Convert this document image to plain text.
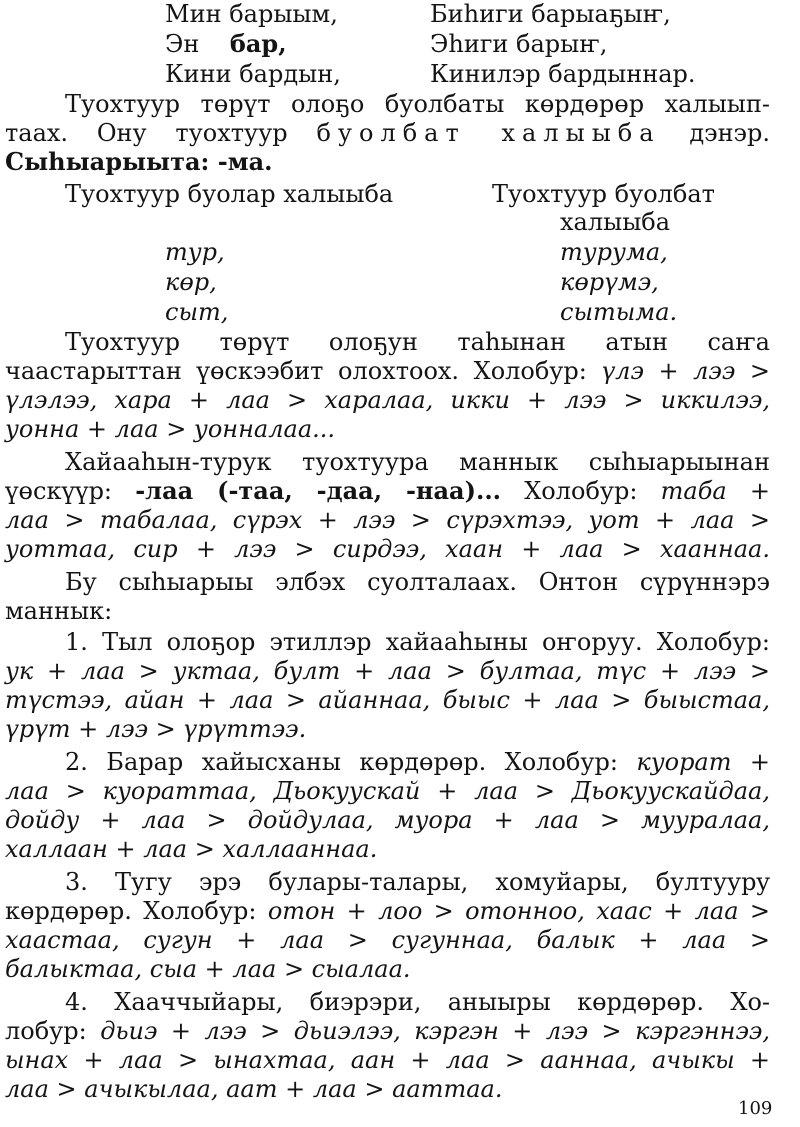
Мин барыым,	Биһиги барыаҕыҥ,
Эн бар,	Эһиги барыҥ,
Кини бардын,	Кинилэр бардыннар.
Туохтуур төрүт олоҕо буолбаты көрдөрөр халыып-
таах. Ону туохтуур буолбат халыыба дэнэр.
Сыһыарыыта: -ма.
Туохтуур буолар халыыба	Туохтуур буолбат
халыыба
тур,	турума,
көр,	көрүмэ,
сыт,	сытыма.
Туохтуур төрүт олоҕун таһынан атын саҥа
чаастарыттан үөскээбит олохтоох. Холобур: үлэ + лээ >
үлэлээ, хара + лаа > харалаа, икки + лээ > иккилээ,
уонна + лаа > уонналаа...
Хайааһын-турук туохтуура маннык сыһыарыынан
үөскүүр: -лаа (-таа, -даа, -наа)... Холобур: таба +
лаа > табалаа, сүрэх + лээ > сүрэхтээ, уот + лаа >
уоттаа, сир + лээ > сирдээ, хаан + лаа > хааннаа.
Бу сыһыарыы элбэх суолталаах. Онтон сүрүннэрэ
маннык:
1. Тыл олоҕор этиллэр хайааһыны оҥоруу. Холобур:
ук + лаа > уктаа, булт + лаа > бултаа, түс + лээ >
түстээ, айан + лаа > айаннаа, быыс + лаа > быыстаа,
үрүт + лээ > үрүттээ.
2. Барар хайысханы көрдөрөр. Холобур: куорат +
лаа > куораттаа, Дьокуускай + лаа > Дьокуускайдаа,
дойду + лаа > дойдулаа, муора + лаа > мууралаа,
халлаан + лаа > халлааннаа.
3. Тугу эрэ булары-талары, хомуйары, бултуурy
көрдөрөр. Холобур: отон + лоо > отонноо, хаас + лаа >
хаастаа, сугун + лаа > сугуннаа, балык + лаа >
балыктаа, сыа + лаа > сыалаа.
4. Хааччыйары, биэрэри, аныыры көрдөрөр. Хо-
лобур: дьиэ + лээ > дьиэлээ, кэргэн + лээ > кэргэннээ,
ынах + лаа > ынахтаа, аан + лаа > ааннаа, ачыкы +
лаа > ачыкылаа, аат + лаа > ааттаа.
109
